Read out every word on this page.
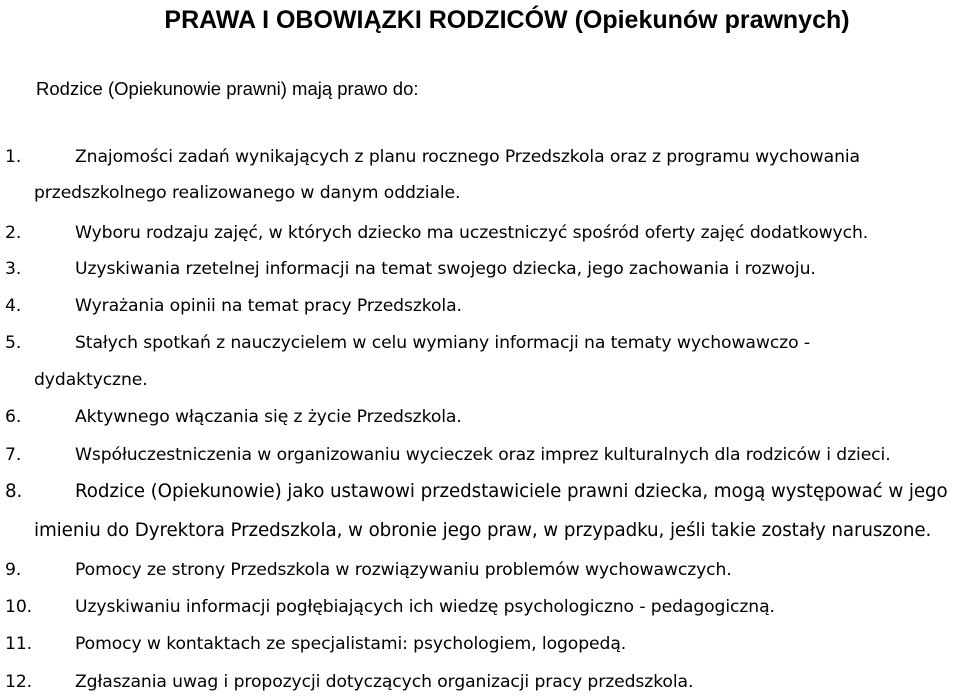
PRAWA I OBOWIĄZKI RODZICÓW (Opiekunów prawnych)

Rodzice (Opiekunowie prawni) mają prawo do:

1.	Znajomości zadań wynikających z planu rocznego Przedszkola oraz z programu wychowania
przedszkolnego realizowanego w danym oddziale.
2.	Wyboru rodzaju zajęć, w których dziecko ma uczestniczyć spośród oferty zajęć dodatkowych.
3.	Uzyskiwania rzetelnej informacji na temat swojego dziecka, jego zachowania i rozwoju.
4.	Wyrażania opinii na temat pracy Przedszkola.
5.	Stałych spotkań z nauczycielem w celu wymiany informacji na tematy wychowawczo -
dydaktyczne.
6.	Aktywnego włączania się z życie Przedszkola.
7.	Współuczestniczenia w organizowaniu wycieczek oraz imprez kulturalnych dla rodziców i dzieci.
8.	Rodzice (Opiekunowie) jako ustawowi przedstawiciele prawni dziecka, mogą występować w jego
imieniu do Dyrektora Przedszkola, w obronie jego praw, w przypadku, jeśli takie zostały naruszone.
9.	Pomocy ze strony Przedszkola w rozwiązywaniu problemów wychowawczych.
10. Uzyskiwaniu informacji pogłębiających ich wiedzę psychologiczno - pedagogiczną.
11. Pomocy w kontaktach ze specjalistami: psychologiem, logopedą.
12. Zgłaszania uwag i propozycji dotyczących organizacji pracy przedszkola.
